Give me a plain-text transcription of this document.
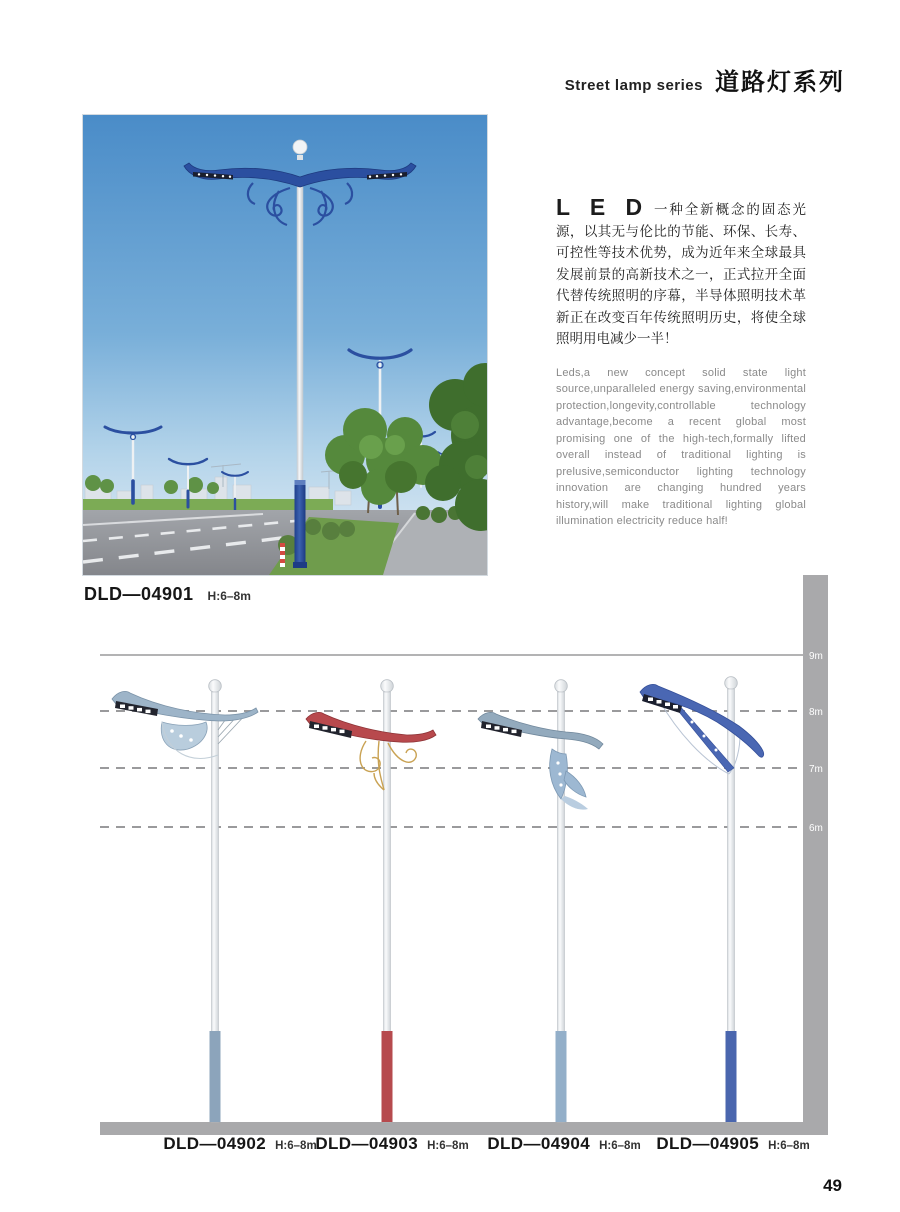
Street lamp series 道路灯系列
DLD—04901 H:6–8m

L E D 一种全新概念的固态光源，以其无与伦比的节能、环保、长寿、可控性等技术优势，成为近年来全球最具发展前景的高新技术之一，正式拉开全面代替传统照明的序幕，半导体照明技术革新正在改变百年传统照明历史，将使全球照明用电减少一半！

Leds,a new concept solid state light source,unparalleled energy saving,environmental protection,longevity,controllable technology advantage,become a recent global most promising one of the high-tech,formally lifted overall instead of traditional lighting is prelusive,semiconductor lighting technology innovation are changing hundred years history,will make traditional lighting global illumination electricity reduce half!

9m
8m
7m
6m
DLD—04902 H:6–8m
DLD—04903 H:6–8m DLD—04904 H:6–8m DLD—04905 H:6–8m
49
